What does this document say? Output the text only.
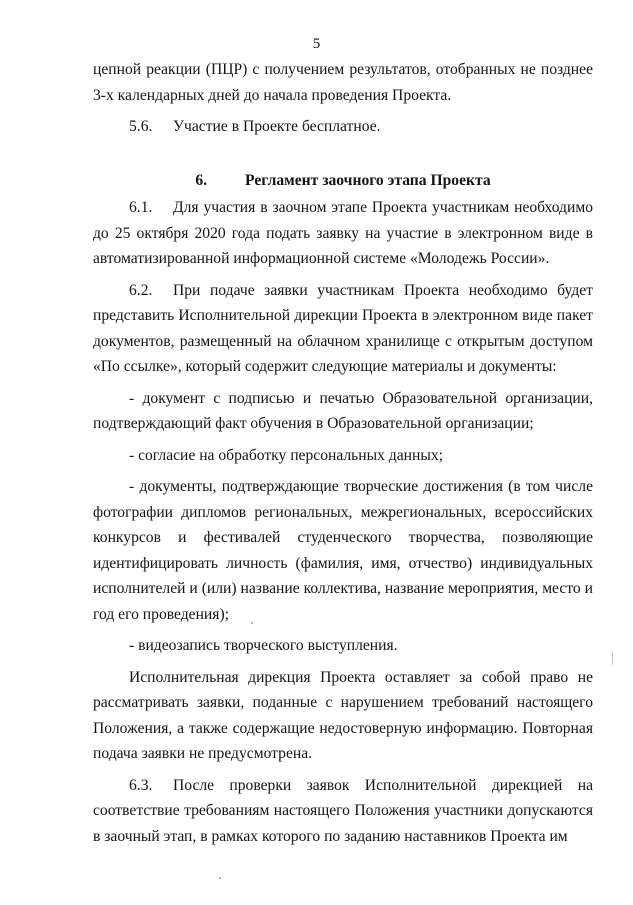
5

цепной реакции (ПЦР) с получением результатов, отобранных не позднее 3-х календарных дней до начала проведения Проекта.

5.6. Участие в Проекте бесплатное.

6. Регламент заочного этапа Проекта

6.1. Для участия в заочном этапе Проекта участникам необходимо до 25 октября 2020 года подать заявку на участие в электронном виде в автоматизированной информационной системе «Молодежь России».

6.2. При подаче заявки участникам Проекта необходимо будет представить Исполнительной дирекции Проекта в электронном виде пакет документов, размещенный на облачном хранилище с открытым доступом «По ссылке», который содержит следующие материалы и документы:

- документ с подписью и печатью Образовательной организации, подтверждающий факт обучения в Образовательной организации;

- согласие на обработку персональных данных;

- документы, подтверждающие творческие достижения (в том числе фотографии дипломов региональных, межрегиональных, всероссийских конкурсов и фестивалей студенческого творчества, позволяющие идентифицировать личность (фамилия, имя, отчество) индивидуальных исполнителей и (или) название коллектива, название мероприятия, место и год его проведения);

- видеозапись творческого выступления.

Исполнительная дирекция Проекта оставляет за собой право не рассматривать заявки, поданные с нарушением требований настоящего Положения, а также содержащие недостоверную информацию. Повторная подача заявки не предусмотрена.

6.3. После проверки заявок Исполнительной дирекцией на соответствие требованиям настоящего Положения участники допускаются в заочный этап, в рамках которого по заданию наставников Проекта им
